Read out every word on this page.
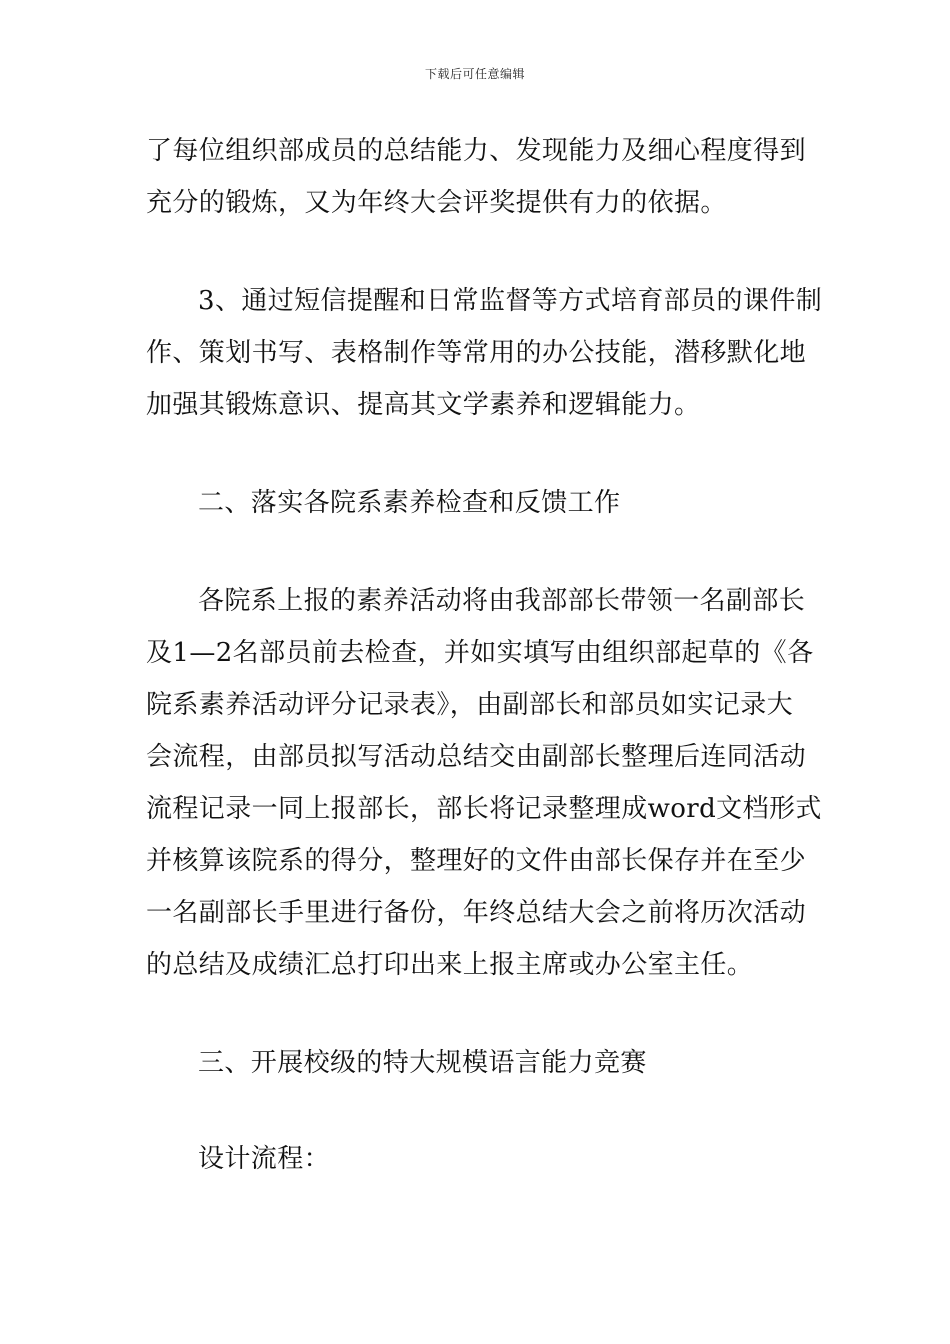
下载后可任意编辑
了每位组织部成员的总结能力、发现能力及细心程度得到
充分的锻炼，又为年终大会评奖提供有力的依据。
3、通过短信提醒和日常监督等方式培育部员的课件制
作、策划书写、表格制作等常用的办公技能，潜移默化地
加强其锻炼意识、提高其文学素养和逻辑能力。
二、落实各院系素养检查和反馈工作
各院系上报的素养活动将由我部部长带领一名副部长
及1—2名部员前去检查，并如实填写由组织部起草的《各
院系素养活动评分记录表》，由副部长和部员如实记录大
会流程，由部员拟写活动总结交由副部长整理后连同活动
流程记录一同上报部长，部长将记录整理成word文档形式
并核算该院系的得分，整理好的文件由部长保存并在至少
一名副部长手里进行备份，年终总结大会之前将历次活动
的总结及成绩汇总打印出来上报主席或办公室主任。
三、开展校级的特大规模语言能力竞赛
设计流程：
